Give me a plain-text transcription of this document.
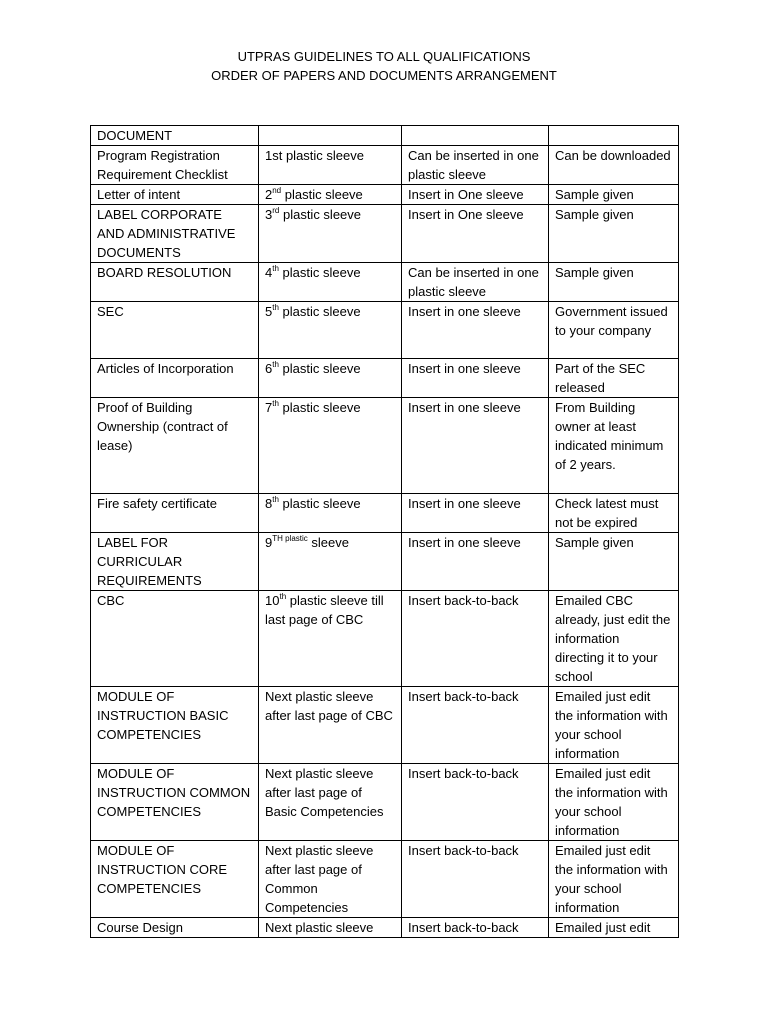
UTPRAS GUIDELINES TO ALL QUALIFICATIONS
ORDER OF PAPERS AND DOCUMENTS ARRANGEMENT
DOCUMENT			
Program Registration Requirement Checklist	1st plastic sleeve	Can be inserted in one plastic sleeve	Can be downloaded
Letter of intent	2nd plastic sleeve	Insert in One sleeve	Sample given
LABEL CORPORATE AND ADMINISTRATIVE DOCUMENTS	3rd plastic sleeve	Insert in One sleeve	Sample given
BOARD RESOLUTION	4th plastic sleeve	Can be inserted in one plastic sleeve	Sample given
SEC	5th plastic sleeve	Insert in one sleeve	Government issued to your company
Articles of Incorporation	6th plastic sleeve	Insert in one sleeve	Part of the SEC released
Proof of Building Ownership (contract of lease)	7th plastic sleeve	Insert in one sleeve	From Building owner at least indicated minimum of 2 years.
Fire safety certificate	8th plastic sleeve	Insert in one sleeve	Check latest must not be expired
LABEL FOR CURRICULAR REQUIREMENTS	$9^{TH plastic}$ sleeve	Insert in one sleeve	Sample given
CBC	10th plastic sleeve till last page of CBC	Insert back-to-back	Emailed CBC already, just edit the information directing it to your school
MODULE OF INSTRUCTION BASIC COMPETENCIES	Next plastic sleeve after last page of CBC	Insert back-to-back	Emailed just edit the information with your school information
MODULE OF INSTRUCTION COMMON COMPETENCIES	Next plastic sleeve after last page of Basic Competencies	Insert back-to-back	Emailed just edit the information with your school information
MODULE OF INSTRUCTION CORE COMPETENCIES	Next plastic sleeve after last page of Common Competencies	Insert back-to-back	Emailed just edit the information with your school information
Course Design	Next plastic sleeve	Insert back-to-back	Emailed just edit
